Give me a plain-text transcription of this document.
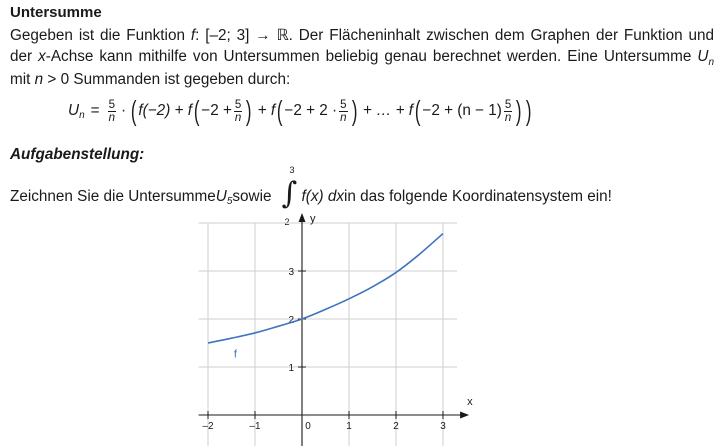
Untersumme
Gegeben ist die Funktion f: [–2; 3] → ℝ. Der Flächeninhalt zwischen dem Graphen der Funktion und der x-Achse kann mithilfe von Untersummen beliebig genau berechnet werden. Eine Untersumme $U_n$ mit n > 0 Summanden ist gegeben durch:
U $n = \frac{5}{n}$ · ( f(−2) + f ( $-2 + \frac{5}{n}$ ) + f ( $-2 + 2 \cdot \frac{5}{n}$ ) + … + f ( $-2 + (n - 1) \frac{5}{n}$ ) )
Aufgabenstellung:
Zeichnen Sie die Untersumme U 5 sowie ∫
3
–2
f(x) dx in das folgende Koordinatensystem ein!
–2	–1	0	1	2	3
1
2
3
x
y
f
